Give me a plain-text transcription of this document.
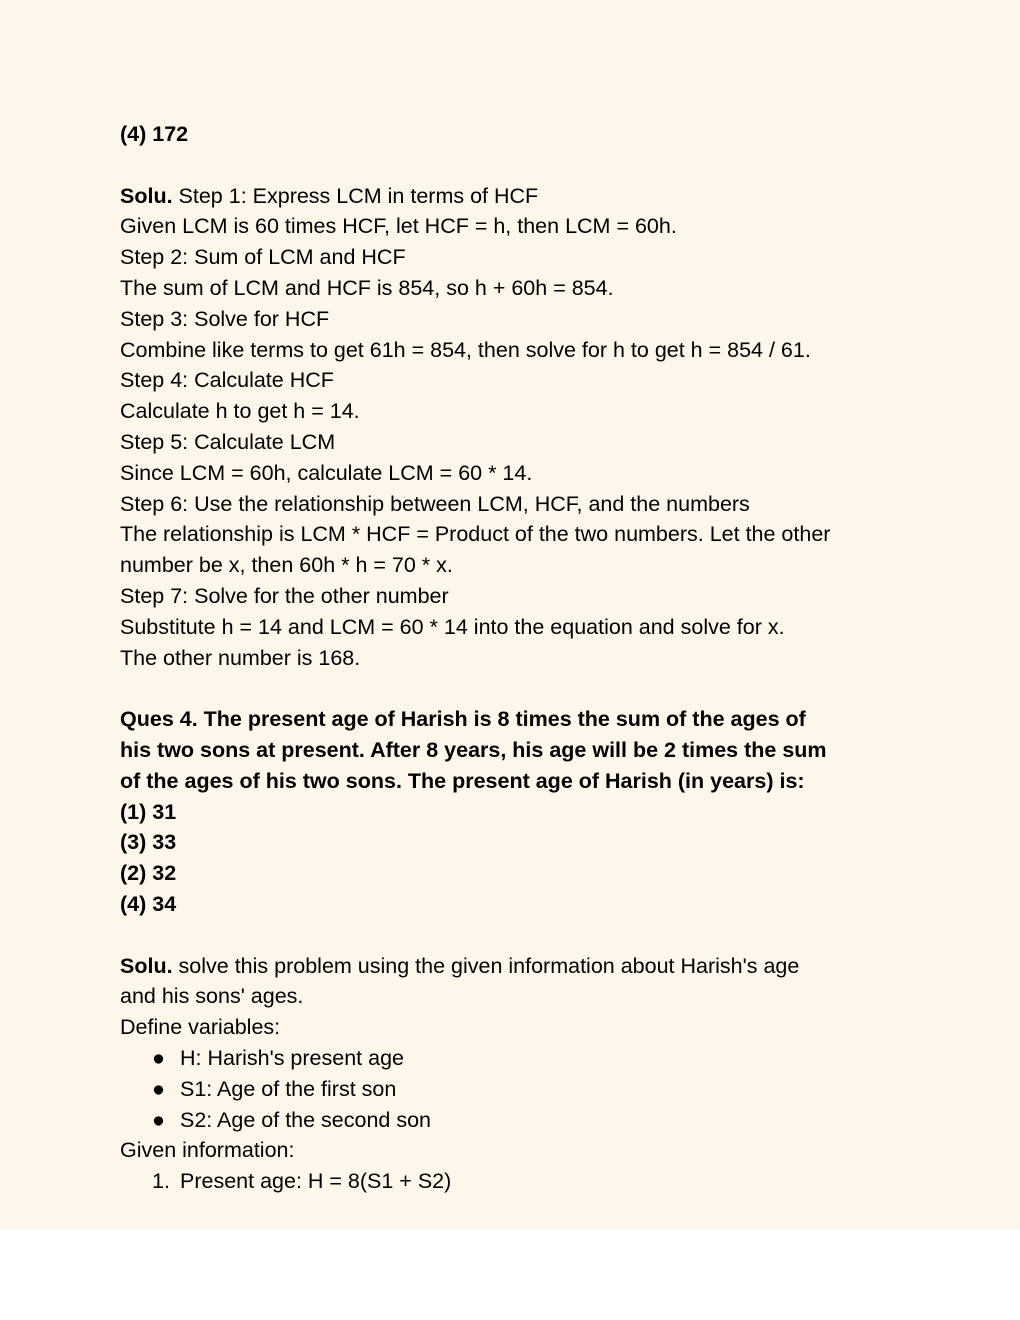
(4) 172
Solu. Step 1: Express LCM in terms of HCF
Given LCM is 60 times HCF, let HCF = h, then LCM = 60h.
Step 2: Sum of LCM and HCF
The sum of LCM and HCF is 854, so h + 60h = 854.
Step 3: Solve for HCF
Combine like terms to get 61h = 854, then solve for h to get h = 854 / 61.
Step 4: Calculate HCF
Calculate h to get h = 14.
Step 5: Calculate LCM
Since LCM = 60h, calculate LCM = 60 * 14.
Step 6: Use the relationship between LCM, HCF, and the numbers
The relationship is LCM * HCF = Product of the two numbers. Let the other
number be x, then 60h * h = 70 * x.
Step 7: Solve for the other number
Substitute h = 14 and LCM = 60 * 14 into the equation and solve for x.
The other number is 168.
Ques 4. The present age of Harish is 8 times the sum of the ages of
his two sons at present. After 8 years, his age will be 2 times the sum
of the ages of his two sons. The present age of Harish (in years) is:
(1) 31
(3) 33
(2) 32
(4) 34
Solu. solve this problem using the given information about Harish's age
and his sons' ages.
Define variables:
● H: Harish's present age
● S1: Age of the first son
● S2: Age of the second son
Given information:
1. Present age: H = 8(S1 + S2)
